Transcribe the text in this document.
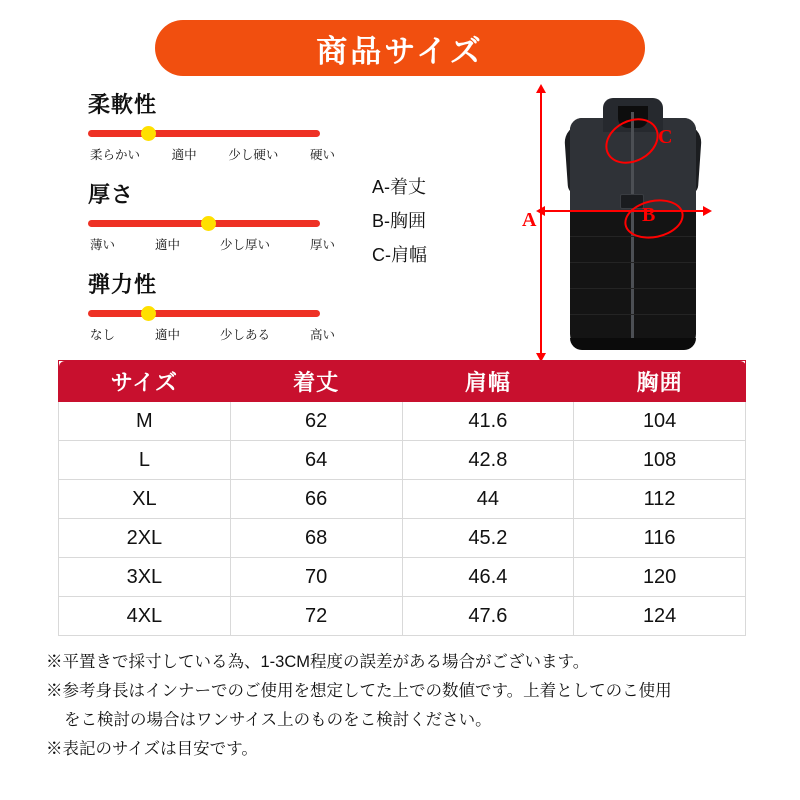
商品サイズ
柔軟性
柔らかい	適中	少し硬い	硬い
厚さ
薄い	適中	少し厚い	厚い
弾力性
なし	適中	少しある	高い
A-着丈
B-胸囲
C-肩幅
A
C
B
サイズ	着丈	肩幅	胸囲
M	62	41.6	104
L	64	42.8	108
XL	66	44	112
2XL	68	45.2	116
3XL	70	46.4	120
4XL	72	47.6	124
※平置きで採寸している為、1-3CM程度の誤差がある場合がございます。
※参考身長はインナーでのご使用を想定してた上での数値です。上着としてのこ使用
をこ検討の場合はワンサイス上のものをこ検討ください。
※表記のサイズは目安です。
